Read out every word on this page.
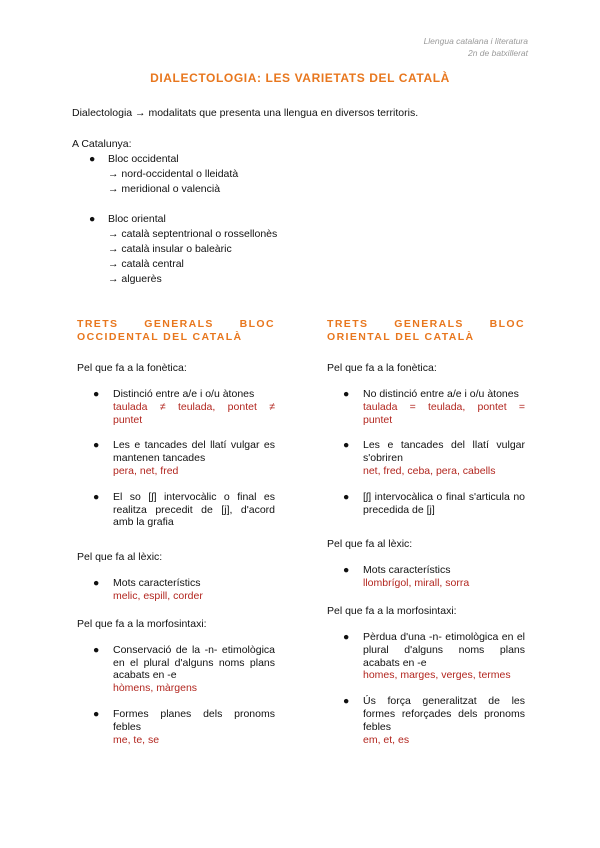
Llengua catalana i literatura
2n de batxillerat
DIALECTOLOGIA: LES VARIETATS DEL CATALÀ
Dialectologia → modalitats que presenta una llengua en diversos territoris.
A Catalunya:
● Bloc occidental
→ nord-occidental o lleidatà
→ meridional o valencià
● Bloc oriental
→ català septentrional o rossellonès
→ català insular o baleàric
→ català central
→ alguerès
TRETS GENERALS BLOC
OCCIDENTAL DEL CATALÀ
Pel que fa a la fonètica:
● Distinció entre a/e i o/u àtones
taulada ≠ teulada, pontet ≠
puntet
● Les e tancades del llatí vulgar es mantenen tancades
pera, net, fred
● El so [ʃ] intervocàlic o final es realitza precedit de [j], d'acord amb la grafia
Pel que fa al lèxic:
● Mots característics
melic, espill, corder
Pel que fa a la morfosintaxi:
● Conservació de la -n- etimològica en el plural d'alguns noms plans acabats en -e
hòmens, màrgens
● Formes planes dels pronoms febles
me, te, se
TRETS GENERALS BLOC
ORIENTAL DEL CATALÀ
Pel que fa a la fonètica:
● No distinció entre a/e i o/u àtones
taulada = teulada, pontet =
puntet
● Les e tancades del llatí vulgar s'obriren
net, fred, ceba, pera, cabells
● [ʃ] intervocàlica o final s'articula no precedida de [j]
Pel que fa al lèxic:
● Mots característics
llombrígol, mirall, sorra
Pel que fa a la morfosintaxi:
● Pèrdua d'una -n- etimològica en el plural d'alguns noms plans acabats en -e
homes, marges, verges, termes
● Ús força generalitzat de les formes reforçades dels pronoms febles
em, et, es
